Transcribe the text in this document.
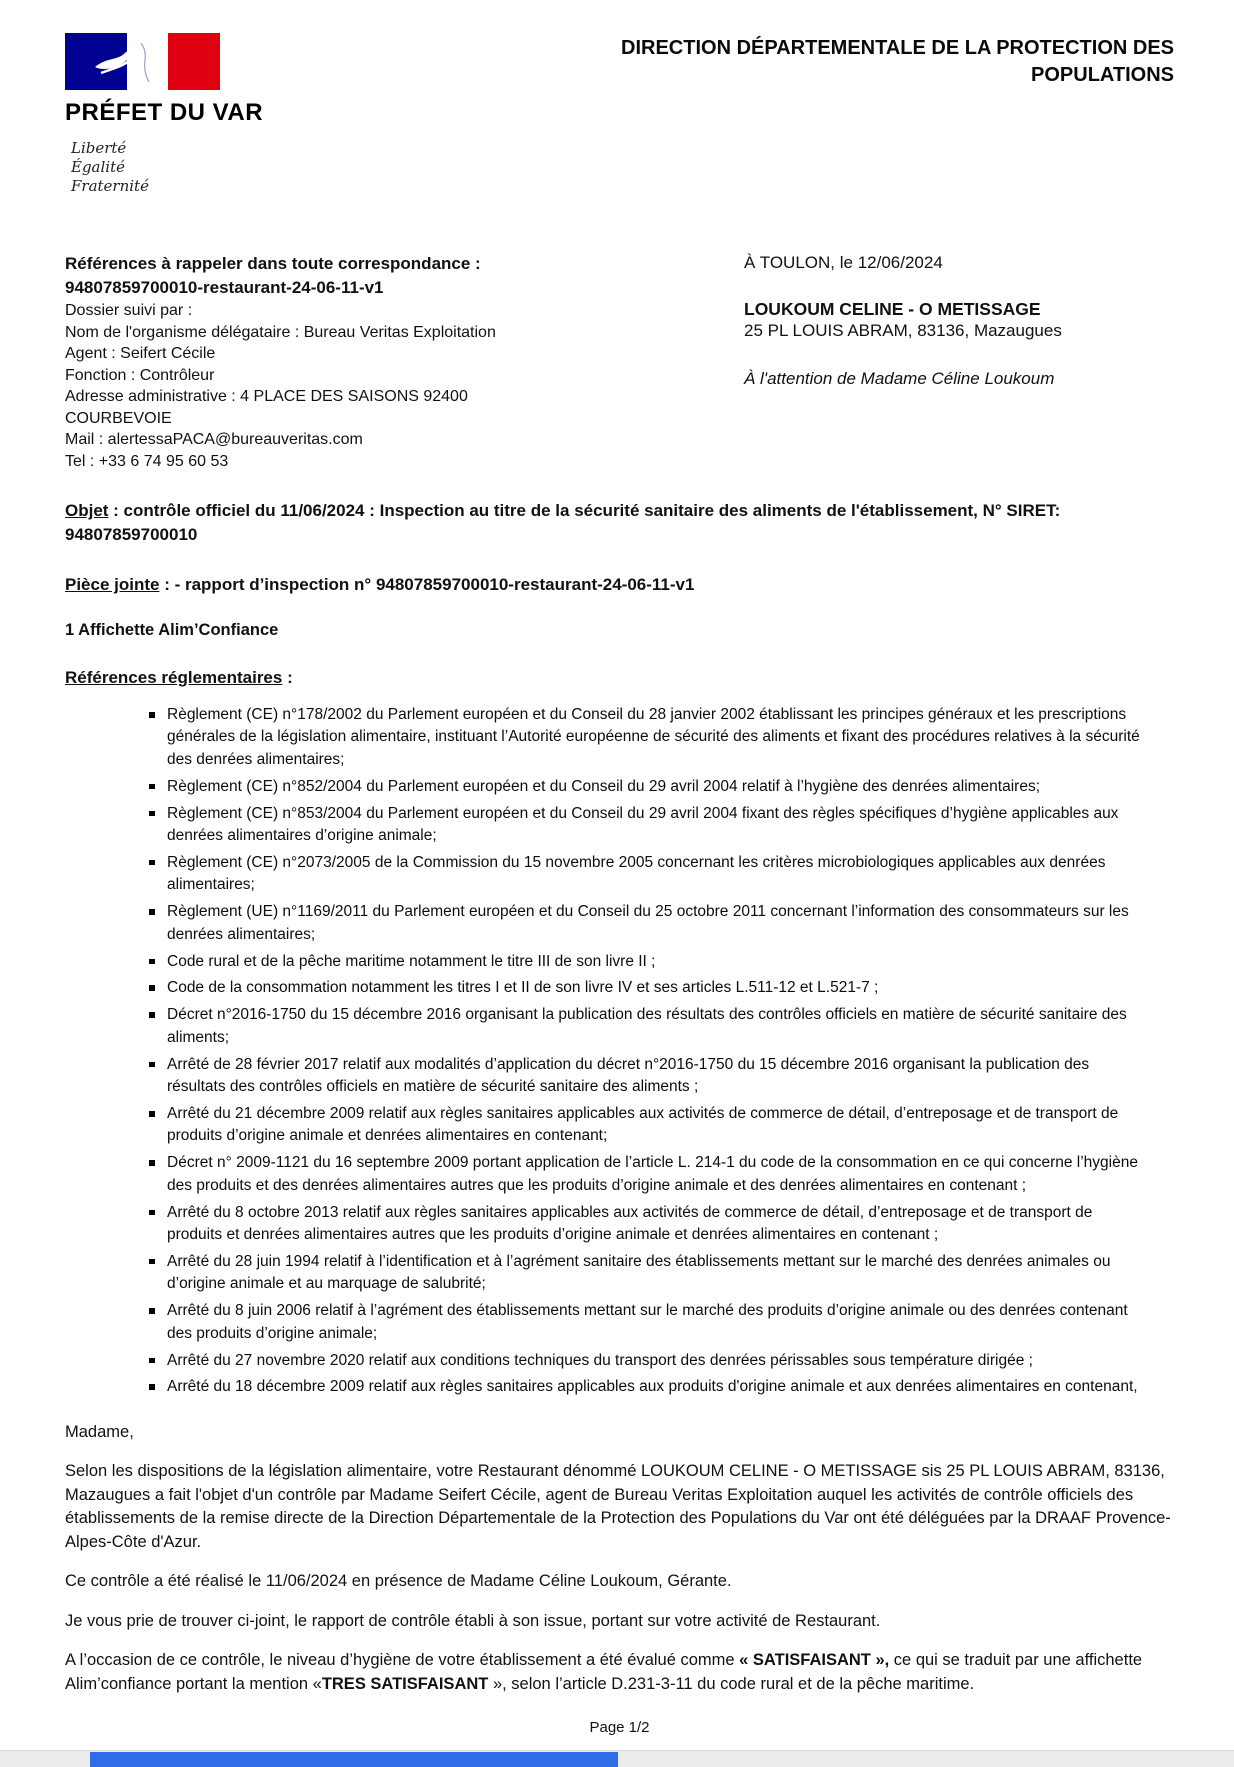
PRÉFET DU VAR
Liberté
Égalité
Fraternité
DIRECTION DÉPARTEMENTALE DE LA PROTECTION DES POPULATIONS
Références à rappeler dans toute correspondance :
94807859700010-restaurant-24-06-11-v1
Dossier suivi par :
Nom de l'organisme délégataire : Bureau Veritas Exploitation
Agent : Seifert Cécile
Fonction : Contrôleur
Adresse administrative : 4 PLACE DES SAISONS 92400 COURBEVOIE
Mail : alertessaPACA@bureauveritas.com
Tel : +33 6 74 95 60 53
À TOULON, le 12/06/2024
LOUKOUM CELINE - O METISSAGE
25 PL LOUIS ABRAM, 83136, Mazaugues
À l'attention de Madame Céline Loukoum
Objet : contrôle officiel du 11/06/2024 : Inspection au titre de la sécurité sanitaire des aliments de l'établissement, N° SIRET: 94807859700010
Pièce jointe : - rapport d’inspection n° 94807859700010-restaurant-24-06-11-v1
1 Affichette Alim’Confiance
Références réglementaires :
Règlement (CE) n°178/2002 du Parlement européen et du Conseil du 28 janvier 2002 établissant les principes généraux et les prescriptions générales de la législation alimentaire, instituant l’Autorité européenne de sécurité des aliments et fixant des procédures relatives à la sécurité des denrées alimentaires;
Règlement (CE) n°852/2004 du Parlement européen et du Conseil du 29 avril 2004 relatif à l’hygiène des denrées alimentaires;
Règlement (CE) n°853/2004 du Parlement européen et du Conseil du 29 avril 2004 fixant des règles spécifiques d’hygiène applicables aux denrées alimentaires d’origine animale;
Règlement (CE) n°2073/2005 de la Commission du 15 novembre 2005 concernant les critères microbiologiques applicables aux denrées alimentaires;
Règlement (UE) n°1169/2011 du Parlement européen et du Conseil du 25 octobre 2011 concernant l’information des consommateurs sur les denrées alimentaires;
Code rural et de la pêche maritime notamment le titre III de son livre II ;
Code de la consommation notamment les titres I et II de son livre IV et ses articles L.511-12 et L.521-7 ;
Décret n°2016-1750 du 15 décembre 2016 organisant la publication des résultats des contrôles officiels en matière de sécurité sanitaire des aliments;
Arrêté de 28 février 2017 relatif aux modalités d’application du décret n°2016-1750 du 15 décembre 2016 organisant la publication des résultats des contrôles officiels en matière de sécurité sanitaire des aliments ;
Arrêté du 21 décembre 2009 relatif aux règles sanitaires applicables aux activités de commerce de détail, d’entreposage et de transport de produits d’origine animale et denrées alimentaires en contenant;
Décret n° 2009-1121 du 16 septembre 2009 portant application de l’article L. 214-1 du code de la consommation en ce qui concerne l’hygiène des produits et des denrées alimentaires autres que les produits d’origine animale et des denrées alimentaires en contenant ;
Arrêté du 8 octobre 2013 relatif aux règles sanitaires applicables aux activités de commerce de détail, d’entreposage et de transport de produits et denrées alimentaires autres que les produits d’origine animale et denrées alimentaires en contenant ;
Arrêté du 28 juin 1994 relatif à l’identification et à l’agrément sanitaire des établissements mettant sur le marché des denrées animales ou d’origine animale et au marquage de salubrité;
Arrêté du 8 juin 2006 relatif à l’agrément des établissements mettant sur le marché des produits d’origine animale ou des denrées contenant des produits d’origine animale;
Arrêté du 27 novembre 2020 relatif aux conditions techniques du transport des denrées périssables sous température dirigée ;
Arrêté du 18 décembre 2009 relatif aux règles sanitaires applicables aux produits d'origine animale et aux denrées alimentaires en contenant,

Madame,

Selon les dispositions de la législation alimentaire, votre Restaurant dénommé LOUKOUM CELINE - O METISSAGE sis 25 PL LOUIS ABRAM, 83136, Mazaugues a fait l'objet d'un contrôle par Madame Seifert Cécile, agent de Bureau Veritas Exploitation auquel les activités de contrôle officiels des établissements de la remise directe de la Direction Départementale de la Protection des Populations du Var ont été déléguées par la DRAAF Provence-Alpes-Côte d'Azur.

Ce contrôle a été réalisé le 11/06/2024 en présence de Madame Céline Loukoum, Gérante.

Je vous prie de trouver ci-joint, le rapport de contrôle établi à son issue, portant sur votre activité de Restaurant.

A l’occasion de ce contrôle, le niveau d’hygiène de votre établissement a été évalué comme « SATISFAISANT », ce qui se traduit par une affichette Alim’confiance portant la mention «TRES SATISFAISANT », selon l’article D.231-3-11 du code rural et de la pêche maritime.

Page 1/2
